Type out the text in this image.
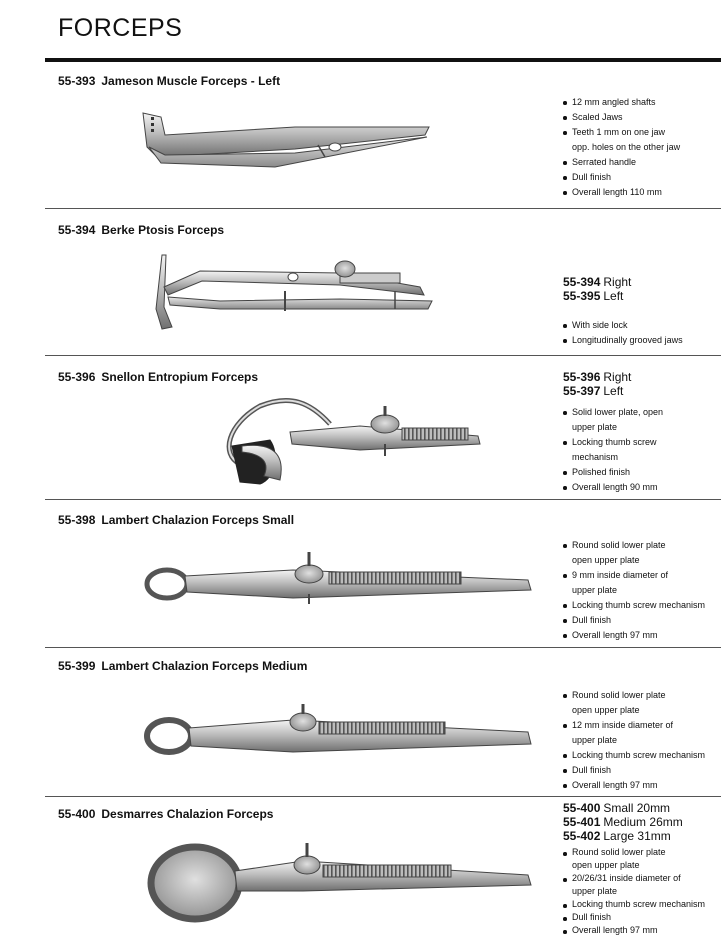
FORCEPS
55-393 Jameson Muscle Forceps - Left
12 mm angled shafts
Scaled Jaws
Teeth 1 mm on one jaw
opp. holes on the other jaw
Serrated handle
Dull finish
Overall length 110 mm
55-394 Berke Ptosis Forceps
55-394 Right
55-395 Left
With side lock
Longitudinally grooved jaws
55-396 Snellon Entropium Forceps	55-396 Right
55-397 Left
Solid lower plate, open
upper plate
Locking thumb screw
mechanism
Polished finish
Overall length 90 mm
55-398 Lambert Chalazion Forceps Small
Round solid lower plate
open upper plate
9 mm inside diameter of
upper plate
Locking thumb screw mechanism
Dull finish
Overall length 97 mm
55-399 Lambert Chalazion Forceps Medium
Round solid lower plate
open upper plate
12 mm inside diameter of
upper plate
Locking thumb screw mechanism
Dull finish
Overall length 97 mm
55-400 Desmarres Chalazion Forceps	55-400 Small 20mm
55-401 Medium 26mm
55-402 Large 31mm
Round solid lower plate
open upper plate
20/26/31 inside diameter of
upper plate
Locking thumb screw mechanism
Dull finish
Overall length 97 mm
